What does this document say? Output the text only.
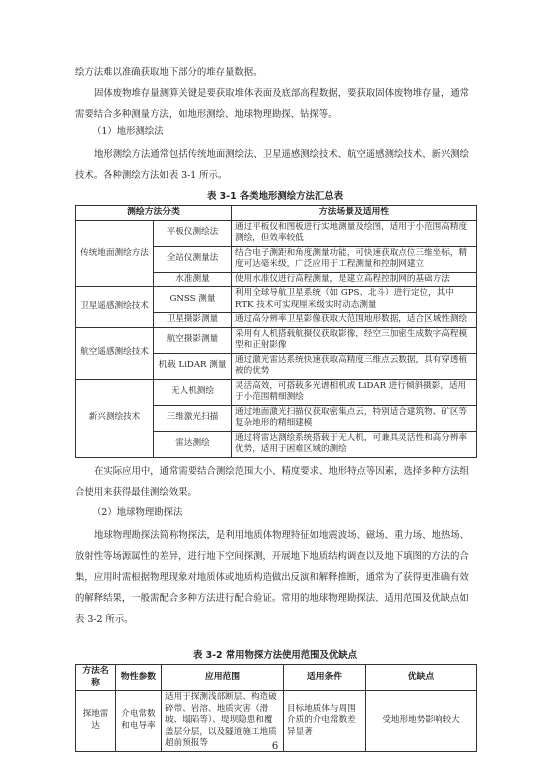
绘方法难以准确获取地下部分的堆存量数据。

固体废物堆存量测算关键是要获取堆体表面及底部高程数据，要获取固体废物堆存量，通常需要结合多种测量方法，如地形测绘、地球物理勘探、钻探等。

（1）地形测绘法

地形测绘方法通常包括传统地面测绘法、卫星遥感测绘技术、航空遥感测绘技术、新兴测绘技术。各种测绘方法如表 3-1 所示。

表 3-1 各类地形测绘方法汇总表
测绘方法分类		方法场景及适用性
传统地面测绘方法	平板仪测绘法	通过平板仪和图板进行实地测量及绘图，适用于小范围高精度测绘，但效率较低
	全站仪测量法	结合电子测距和角度测量功能，可快速获取点位三维坐标，精度可达毫米级，广泛应用于工程测量和控制网建立
	水准测量	使用水准仪进行高程测量，是建立高程控制网的基础方法
卫星遥感测绘技术	GNSS 测量	利用全球导航卫星系统（如 GPS、北斗）进行定位，其中 RTK 技术可实现厘米级实时动态测量
	卫星摄影测量	通过高分辨率卫星影像获取大范围地形数据，适合区域性测绘
航空遥感测绘技术	航空摄影测量	采用有人机搭载航摄仪获取影像，经空三加密生成数字高程模型和正射影像
	机载 LiDAR 测量	通过激光雷达系统快速获取高精度三维点云数据，具有穿透植被的优势
新兴测绘技术	无人机测绘	灵活高效，可搭载多光谱相机或 LiDAR 进行倾斜摄影，适用于小范围精细测绘
	三维激光扫描	通过地面激光扫描仪获取密集点云，特别适合建筑物、矿区等复杂地形的精细建模
	雷达测绘	通过将雷达测绘系统搭载于无人机，可兼具灵活性和高分辨率优势，适用于困难区域的测绘

在实际应用中，通常需要结合测绘范围大小、精度要求、地形特点等因素，选择多种方法组合使用来获得最佳测绘效果。

（2）地球物理勘探法

地球物理勘探法简称物探法，是利用地质体物理特征如地震波场、磁场、重力场、地热场、放射性等场源属性的差异，进行地下空间探测，开展地下地质结构调查以及地下填图的方法的合集，应用时需根据物理现象对地质体或地质构造做出反演和解释推断，通常为了获得更准确有效的解释结果，一般需配合多种方法进行配合验证。常用的地球物理勘探法、适用范围及优缺点如表 3-2 所示。

表 3-2 常用物探方法使用范围及优缺点
方法名称	物性参数	应用范围	适用条件	优缺点
探地雷达	介电常数和电导率	适用于探测浅部断层、构造破碎带、岩溶、地质灾害（滑坡、塌陷等）、堤坝隐患和覆盖层分层，以及隧道施工地质超前预报等	目标地质体与周围介质的介电常数差异显著	受地形地势影响较大
6
